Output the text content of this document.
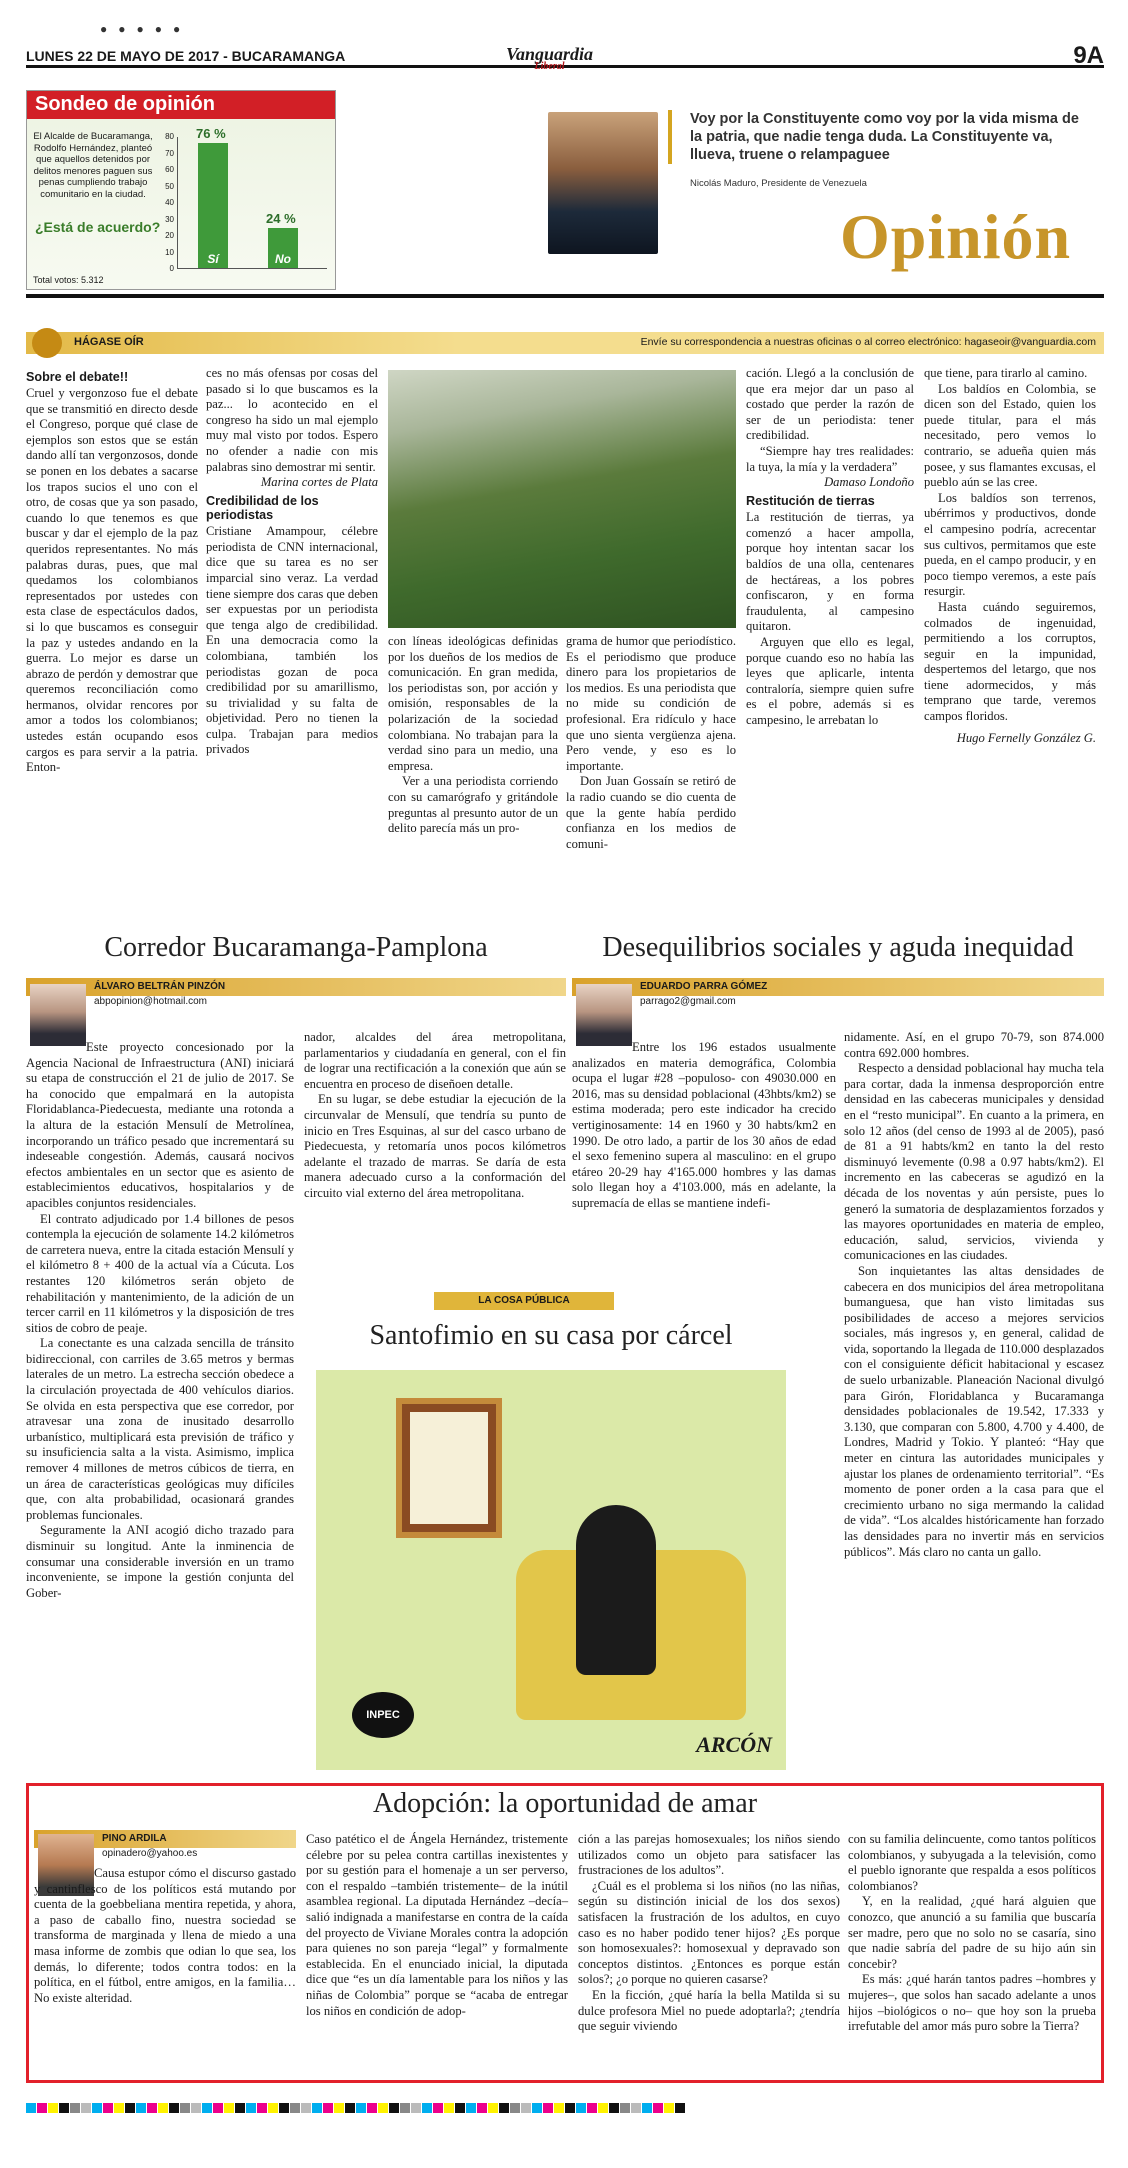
● ● ● ● ●
LUNES 22 DE MAYO DE 2017 - BUCARAMANGA	Vanguardia
Liberal	9A
Sondeo de opinión
El Alcalde de Bucaramanga, Rodolfo Hernández, planteó que aquellos detenidos por delitos menores paguen sus penas cumpliendo trabajo comunitario en la ciudad.
¿Está de acuerdo?
Total votos: 5.312
80
70
60
50
40
30
20
10
0
Sí
76 %
No
24 %
Voy por la Constituyente como voy por la vida misma de la patria, que nadie tenga duda. La Constituyente va, llueva, truene o relampaguee
Nicolás Maduro, Presidente de Venezuela
Opinión
HÁGASE OÍR	Envíe su correspondencia a nuestras oficinas o al correo electrónico: hagaseoir@vanguardia.com
Sobre el debate!!

Cruel y vergonzoso fue el debate que se transmitió en directo desde el Congreso, porque qué clase de ejemplos son estos que se están dando allí tan vergonzosos, donde se ponen en los debates a sacarse los trapos sucios el uno con el otro, de cosas que ya son pasado, cuando lo que tenemos es que buscar y dar el ejemplo de la paz queridos representantes. No más palabras duras, pues, que mal quedamos los colombianos representados por ustedes con esta clase de espectáculos dados, si lo que buscamos es conseguir la paz y ustedes andando en la guerra. Lo mejor es darse un abrazo de perdón y demostrar que queremos reconciliación como hermanos, olvidar rencores por amor a todos los colombianos; ustedes están ocupando esos cargos es para servir a la patria. Enton-

ces no más ofensas por cosas del pasado si lo que buscamos es la paz... lo acontecido en el congreso ha sido un mal ejemplo muy mal visto por todos. Espero no ofender a nadie con mis palabras sino demostrar mi sentir.

Marina cortes de Plata
Credibilidad de los periodistas

Cristiane Amampour, célebre periodista de CNN internacional, dice que su tarea es no ser imparcial sino veraz. La verdad tiene siempre dos caras que deben ser expuestas por un periodista que tenga algo de credibilidad. En una democracia como la colombiana, también los periodistas gozan de poca credibilidad por su amarillismo, su trivialidad y su falta de objetividad. Pero no tienen la culpa. Trabajan para medios privados

con líneas ideológicas definidas por los dueños de los medios de comunicación. En gran medida, los periodistas son, por acción y omisión, responsables de la polarización de la sociedad colombiana. No trabajan para la verdad sino para un medio, una empresa.

Ver a una periodista corriendo con su camarógrafo y gritándole preguntas al presunto autor de un delito parecía más un pro-

grama de humor que periodístico. Es el periodismo que produce dinero para los propietarios de los medios. Es una periodista que no mide su condición de profesional. Era ridículo y hace que uno sienta vergüenza ajena. Pero vende, y eso es lo importante.

Don Juan Gossaín se retiró de la radio cuando se dio cuenta de que la gente había perdido confianza en los medios de comuni-

cación. Llegó a la conclusión de que era mejor dar un paso al costado que perder la razón de ser de un periodista: tener credibilidad.

“Siempre hay tres realidades: la tuya, la mía y la verdadera”

Damaso Londoño
Restitución de tierras

La restitución de tierras, ya comenzó a hacer ampolla, porque hoy intentan sacar los baldíos de una olla, centenares de hectáreas, a los pobres confiscaron, y en forma fraudulenta, al campesino quitaron.

Arguyen que ello es legal, porque cuando eso no había las leyes que aplicarle, intenta contraloría, siempre quien sufre es el pobre, además si es campesino, le arrebatan lo

que tiene, para tirarlo al camino.

Los baldíos en Colombia, se dicen son del Estado, quien los puede titular, para el más necesitado, pero vemos lo contrario, se adueña quien más posee, y sus flamantes excusas, el pueblo aún se las cree.

Los baldíos son terrenos, ubérrimos y productivos, donde el campesino podría, acrecentar sus cultivos, permitamos que este pueda, en el campo producir, y en poco tiempo veremos, a este país resurgir.

Hasta cuándo seguiremos, colmados de ingenuidad, permitiendo a los corruptos, seguir en la impunidad, despertemos del letargo, que nos tiene adormecidos, y más temprano que tarde, veremos campos floridos.

Hugo Fernelly González G.
Corredor Bucaramanga-Pamplona
ÁLVARO BELTRÁN PINZÓN
abpopinion@hotmail.com

Este proyecto concesionado por la Agencia Nacional de Infraestructura (ANI) iniciará su etapa de construcción el 21 de julio de 2017. Se ha conocido que empalmará en la autopista Floridablanca-Piedecuesta, mediante una rotonda a la altura de la estación Mensulí de Metrolínea, incorporando un tráfico pesado que incrementará su indeseable congestión. Además, causará nocivos efectos ambientales en un sector que es asiento de establecimientos educativos, hospitalarios y de apacibles conjuntos residenciales.

El contrato adjudicado por 1.4 billones de pesos contempla la ejecución de solamente 14.2 kilómetros de carretera nueva, entre la citada estación Mensulí y el kilómetro 8 + 400 de la actual vía a Cúcuta. Los restantes 120 kilómetros serán objeto de rehabilitación y mantenimiento, de la adición de un tercer carril en 11 kilómetros y la disposición de tres sitios de cobro de peaje.

La conectante es una calzada sencilla de tránsito bidireccional, con carriles de 3.65 metros y bermas laterales de un metro. La estrecha sección obedece a la circulación proyectada de 400 vehículos diarios. Se olvida en esta perspectiva que ese corredor, por atravesar una zona de inusitado desarrollo urbanístico, multiplicará esta previsión de tráfico y su insuficiencia salta a la vista. Asimismo, implica remover 4 millones de metros cúbicos de tierra, en un área de características geológicas muy difíciles que, con alta probabilidad, ocasionará grandes problemas funcionales.

Seguramente la ANI acogió dicho trazado para disminuir su longitud. Ante la inminencia de consumar una considerable inversión en un tramo inconveniente, se impone la gestión conjunta del Gober-

nador, alcaldes del área metropolitana, parlamentarios y ciudadanía en general, con el fin de lograr una rectificación a la conexión que aún se encuentra en proceso de diseñoen detalle.

En su lugar, se debe estudiar la ejecución de la circunvalar de Mensulí, que tendría su punto de inicio en Tres Esquinas, al sur del casco urbano de Piedecuesta, y retomaría unos pocos kilómetros adelante el trazado de marras. Se daría de esta manera adecuado curso a la conformación del circuito vial externo del área metropolitana.

LA COSA PÚBLICA
Santofimio en su casa por cárcel
INPEC
ARCÓN
Desequilibrios sociales y aguda inequidad
EDUARDO PARRA GÓMEZ
parrago2@gmail.com

Entre los 196 estados usualmente analizados en materia demográfica, Colombia ocupa el lugar #28 –populoso- con 49030.000 en 2016, mas su densidad poblacional (43hbts/km2) se estima moderada; pero este indicador ha crecido vertiginosamente: 14 en 1960 y 30 habts/km2 en 1990. De otro lado, a partir de los 30 años de edad el sexo femenino supera al masculino: en el grupo etáreo 20-29 hay 4'165.000 hombres y las damas solo llegan hoy a 4'103.000, más en adelante, la supremacía de ellas se mantiene indefi-

nidamente. Así, en el grupo 70-79, son 874.000 contra 692.000 hombres.

Respecto a densidad poblacional hay mucha tela para cortar, dada la inmensa desproporción entre densidad en las cabeceras municipales y densidad en el “resto municipal”. En cuanto a la primera, en solo 12 años (del censo de 1993 al de 2005), pasó de 81 a 91 habts/km2 en tanto la del resto disminuyó levemente (0.98 a 0.97 habts/km2). El incremento en las cabeceras se agudizó en la década de los noventas y aún persiste, pues lo generó la sumatoria de desplazamientos forzados y las mayores oportunidades en materia de empleo, educación, salud, servicios, vivienda y comunicaciones en las ciudades.

Son inquietantes las altas densidades de cabecera en dos municipios del área metropolitana bumanguesa, que han visto limitadas sus posibilidades de acceso a mejores servicios sociales, más ingresos y, en general, calidad de vida, soportando la llegada de 110.000 desplazados con el consiguiente déficit habitacional y escasez de suelo urbanizable. Planeación Nacional divulgó para Girón, Floridablanca y Bucaramanga densidades poblacionales de 19.542, 17.333 y 3.130, que comparan con 5.800, 4.700 y 4.400, de Londres, Madrid y Tokio. Y planteó: “Hay que meter en cintura las autoridades municipales y ajustar los planes de ordenamiento territorial”. “Es momento de poner orden a la casa para que el crecimiento urbano no siga mermando la calidad de vida”. “Los alcaldes históricamente han forzado las densidades para no invertir más en servicios públicos”. Más claro no canta un gallo.

Adopción: la oportunidad de amar
PINO ARDILA
opinadero@yahoo.es

Causa estupor cómo el discurso gastado y cantinflesco de los políticos está mutando por cuenta de la goebbeliana mentira repetida, y ahora, a paso de caballo fino, nuestra sociedad se transforma de marginada y llena de miedo a una masa informe de zombis que odian lo que sea, los demás, lo diferente; todos contra todos: en la política, en el fútbol, entre amigos, en la familia… No existe alteridad.

Caso patético el de Ángela Hernández, tristemente célebre por su pelea contra cartillas inexistentes y por su gestión para el homenaje a un ser perverso, con el respaldo –también tristemente– de la inútil asamblea regional. La diputada Hernández –decía– salió indignada a manifestarse en contra de la caída del proyecto de Viviane Morales contra la adopción para quienes no son pareja “legal” y formalmente establecida. En el enunciado inicial, la diputada dice que “es un día lamentable para los niños y las niñas de Colombia” porque se “acaba de entregar los niños en condición de adop-

ción a las parejas homosexuales; los niños siendo utilizados como un objeto para satisfacer las frustraciones de los adultos”.

¿Cuál es el problema si los niños (no las niñas, según su distinción inicial de los dos sexos) satisfacen la frustración de los adultos, en cuyo caso es no haber podido tener hijos? ¿Es porque son homosexuales?: homosexual y depravado son conceptos distintos. ¿Entonces es porque están solos?; ¿o porque no quieren casarse?

En la ficción, ¿qué haría la bella Matilda si su dulce profesora Miel no puede adoptarla?; ¿tendría que seguir viviendo

con su familia delincuente, como tantos políticos colombianos, y subyugada a la televisión, como el pueblo ignorante que respalda a esos políticos colombianos?

Y, en la realidad, ¿qué hará alguien que conozco, que anunció a su familia que buscaría ser madre, pero que no solo no se casaría, sino que nadie sabría del padre de su hijo aún sin concebir?

Es más: ¿qué harán tantos padres –hombres y mujeres–, que solos han sacado adelante a unos hijos –biológicos o no– que hoy son la prueba irrefutable del amor más puro sobre la Tierra?
